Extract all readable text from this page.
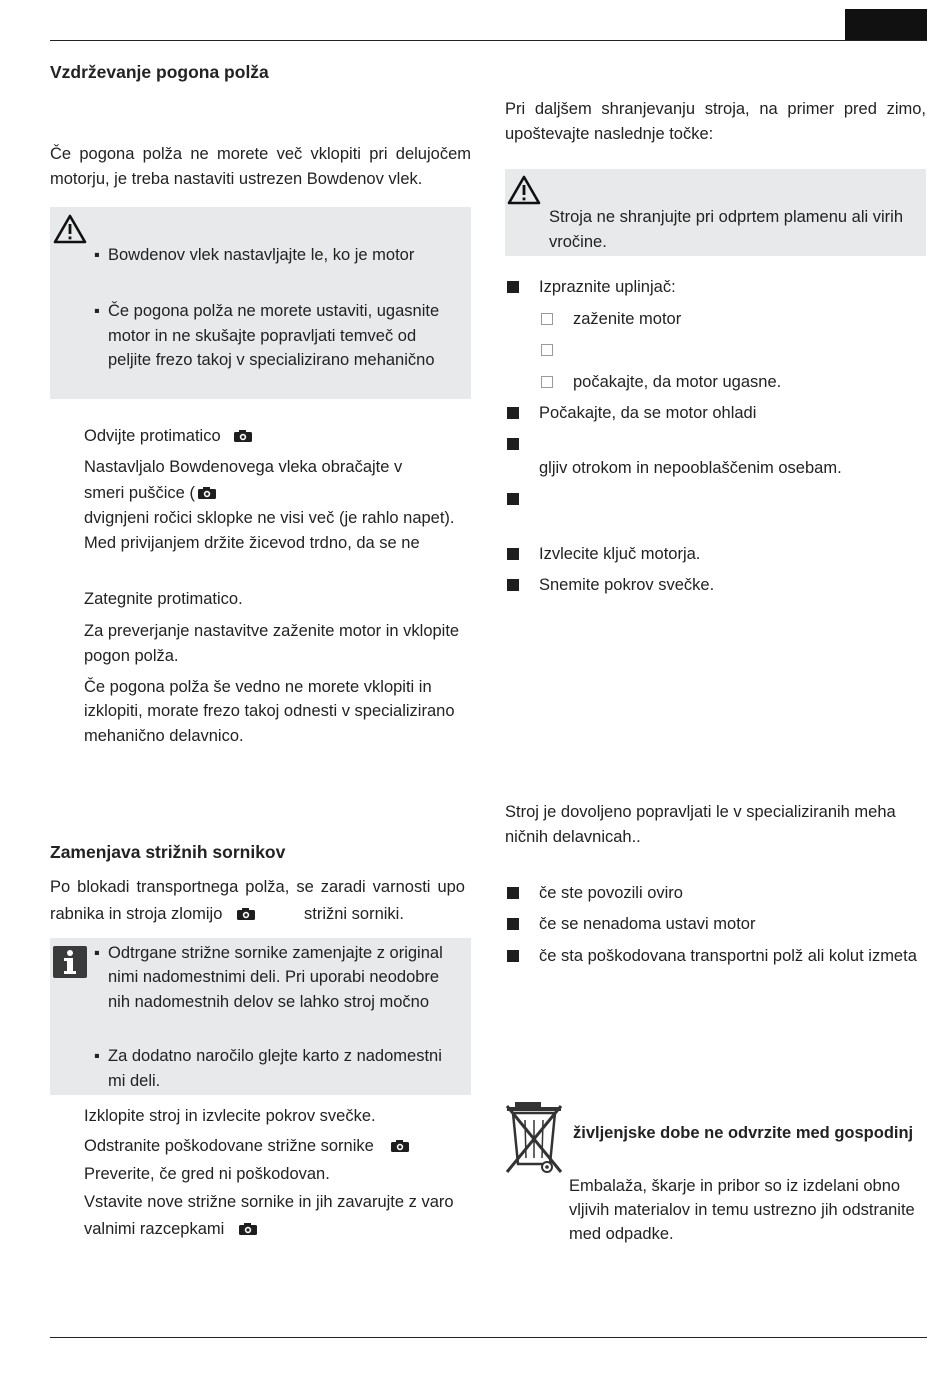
Vzdrževanje pogona polža
Če pogona polža ne morete več vklopiti pri delujočem
motorju, je treba nastaviti ustrezen Bowdenov vlek.
▪ Bowdenov vlek nastavljajte le, ko je motor
▪ Če pogona polža ne morete ustaviti, ugasnite
motor in ne skušajte popravljati temveč od
peljite frezo takoj v specializirano mehanično
Odvijte protimatico
Nastavljalo Bowdenovega vleka obračajte v
smeri puščice (
dvignjeni ročici sklopke ne visi več (je rahlo napet).
Med privijanjem držite žicevod trdno, da se ne
Zategnite protimatico.
Za preverjanje nastavitve zaženite motor in vklopite
pogon polža.
Če pogona polža še vedno ne morete vklopiti in
izklopiti, morate frezo takoj odnesti v specializirano
mehanično delavnico.
Zamenjava strižnih sornikov
Po blokadi transportnega polža, se zaradi varnosti upo
rabnika in stroja zlomijo	strižni sorniki.
▪ Odtrgane strižne sornike zamenjajte z original
nimi nadomestnimi deli. Pri uporabi neodobre
nih nadomestnih delov se lahko stroj močno
▪ Za dodatno naročilo glejte karto z nadomestni
mi deli.
Izklopite stroj in izvlecite pokrov svečke.
Odstranite poškodovane strižne sornike
Preverite, če gred ni poškodovan.
Vstavite nove strižne sornike in jih zavarujte z varo
valnimi razcepkami
Pri daljšem shranjevanju stroja, na primer pred zimo,
upoštevajte naslednje točke:
Stroja ne shranjujte pri odprtem plamenu ali virih
vročine.
Izpraznite uplinjač:
zaženite motor
počakajte, da motor ugasne.
Počakajte, da se motor ohladi
gljiv otrokom in nepooblaščenim osebam.
Izvlecite ključ motorja.
Snemite pokrov svečke.
Stroj je dovoljeno popravljati le v specializiranih meha
ničnih delavnicah..
če ste povozili oviro
če se nenadoma ustavi motor
če sta poškodovana transportni polž ali kolut izmeta
življenjske dobe ne odvrzite med gospodinj
Embalaža, škarje in pribor so iz izdelani obno
vljivih materialov in temu ustrezno jih odstranite
med odpadke.
